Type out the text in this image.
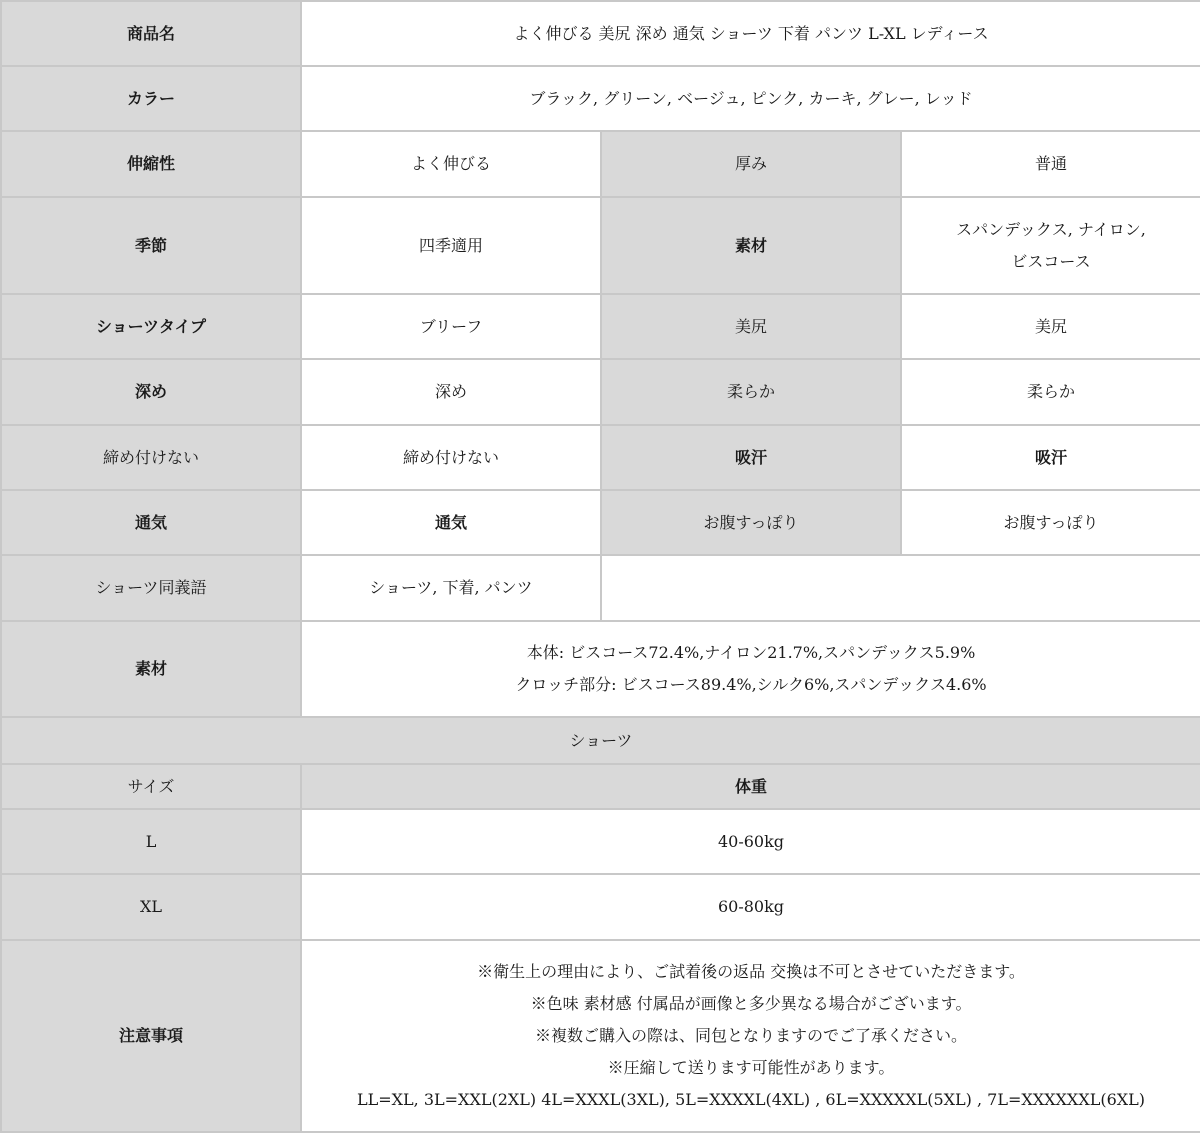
商品名	よく伸びる 美尻 深め 通気 ショーツ 下着 パンツ L-XL レディース		
カラー	ブラック, グリーン, ベージュ, ピンク, カーキ, グレー, レッド		
伸縮性	よく伸びる	厚み	普通
季節	四季適用	素材	スパンデックス, ナイロン,
ビスコース

ショーツタイプ	ブリーフ	美尻	美尻
深め	深め	柔らか	柔らか
締め付けない	締め付けない	吸汗	吸汗
通気	通気	お腹すっぽり	お腹すっぽり
ショーツ同義語	ショーツ, 下着, パンツ		
素材	本体: ビスコース72.4%,ナイロン21.7%,スパンデックス5.9%
クロッチ部分: ビスコース89.4%,シルク6%,スパンデックス4.6%		

ショーツ			
サイズ	体重		
L	40-60kg		
XL	60-80kg		
注意事項	※衛生上の理由により、ご試着後の返品 交換は不可とさせていただきます。
※色味 素材感 付属品が画像と多少異なる場合がございます。
※複数ご購入の際は、同包となりますのでご了承ください。
※圧縮して送ります可能性があります。
LL=XL, 3L=XXL(2XL) 4L=XXXL(3XL), 5L=XXXXL(4XL) , 6L=XXXXXL(5XL) , 7L=XXXXXXL(6XL)		
